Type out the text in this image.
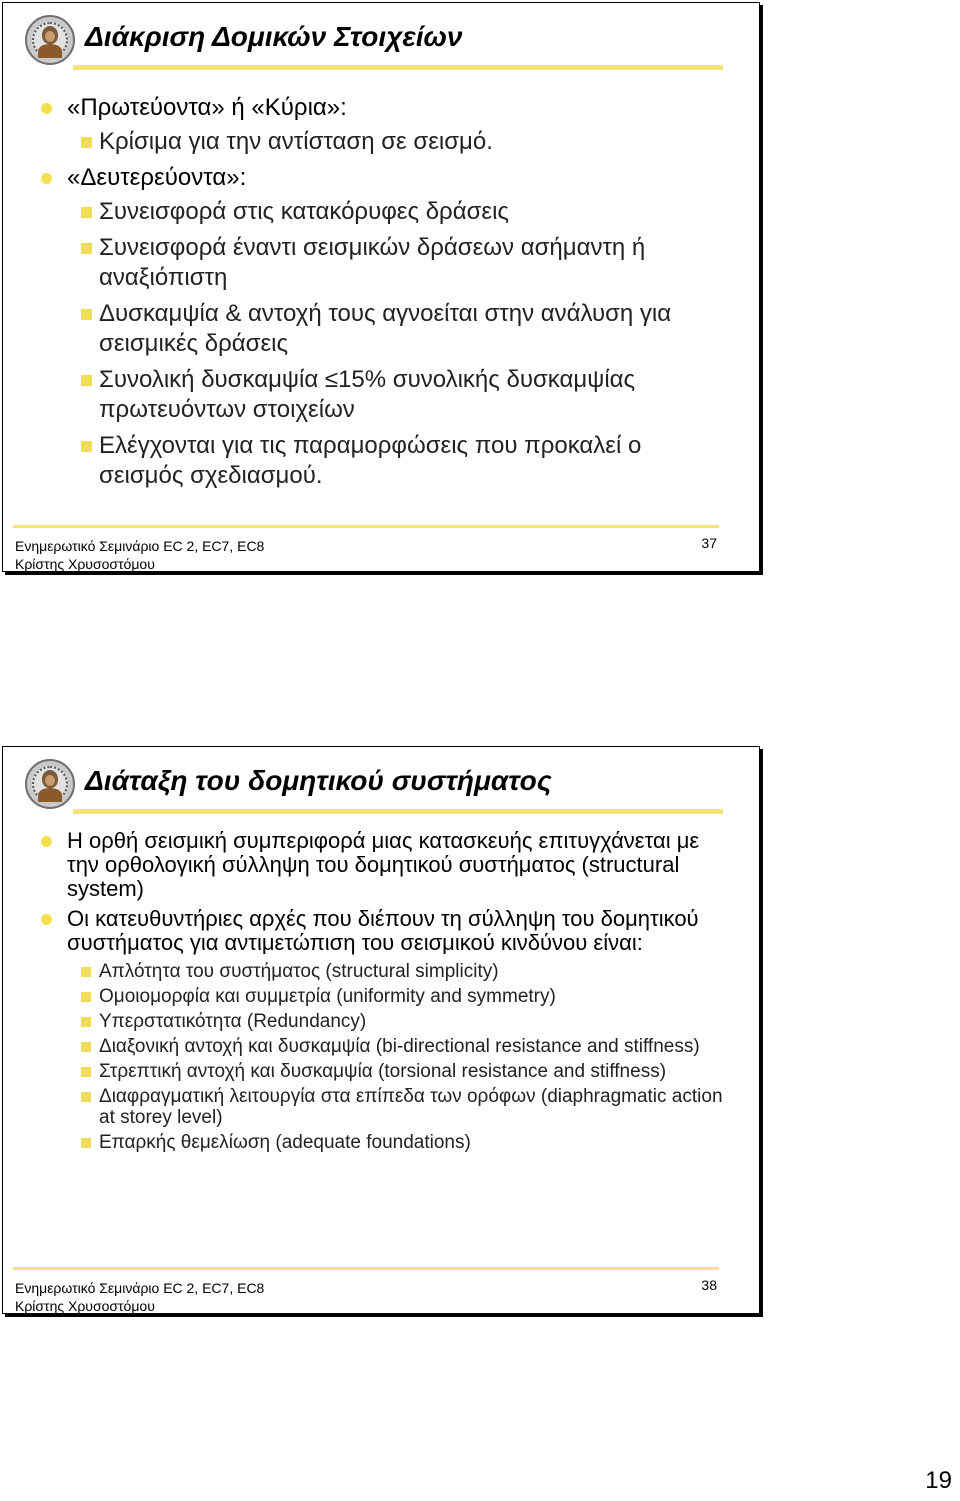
Διάκριση Δομικών Στοιχείων
«Πρωτεύοντα» ή «Κύρια»:
Κρίσιμα για την αντίσταση σε σεισμό.
«Δευτερεύοντα»:
Συνεισφορά στις κατακόρυφες δράσεις
Συνεισφορά έναντι σεισμικών δράσεων ασήμαντη ή αναξιόπιστη
Δυσκαμψία & αντοχή τους αγνοείται στην ανάλυση για σεισμικές δράσεις
Συνολική δυσκαμψία ≤15% συνολικής δυσκαμψίας πρωτευόντων στοιχείων
Ελέγχονται για τις παραμορφώσεις που προκαλεί ο σεισμός σχεδιασμού.
Ενημερωτικό Σεμινάριο EC 2, EC7, EC8
Κρίστης Χρυσοστόμου
37
Διάταξη του δομητικού συστήματος
Η ορθή σεισμική συμπεριφορά μιας κατασκευής επιτυγχάνεται με την ορθολογική σύλληψη του δομητικού συστήματος (structural system)
Οι κατευθυντήριες αρχές που διέπουν τη σύλληψη του δομητικού συστήματος για αντιμετώπιση του σεισμικού κινδύνου είναι:
Απλότητα του συστήματος (structural simplicity)
Ομοιομορφία και συμμετρία (uniformity and symmetry)
Υπερστατικότητα (Redundancy)
Διαξονική αντοχή και δυσκαμψία (bi-directional resistance and stiffness)
Στρεπτική αντοχή και δυσκαμψία (torsional resistance and stiffness)
Διαφραγματική λειτουργία στα επίπεδα των ορόφων (diaphragmatic action at storey level)
Επαρκής θεμελίωση (adequate foundations)
Ενημερωτικό Σεμινάριο EC 2, EC7, EC8
Κρίστης Χρυσοστόμου
38
19
